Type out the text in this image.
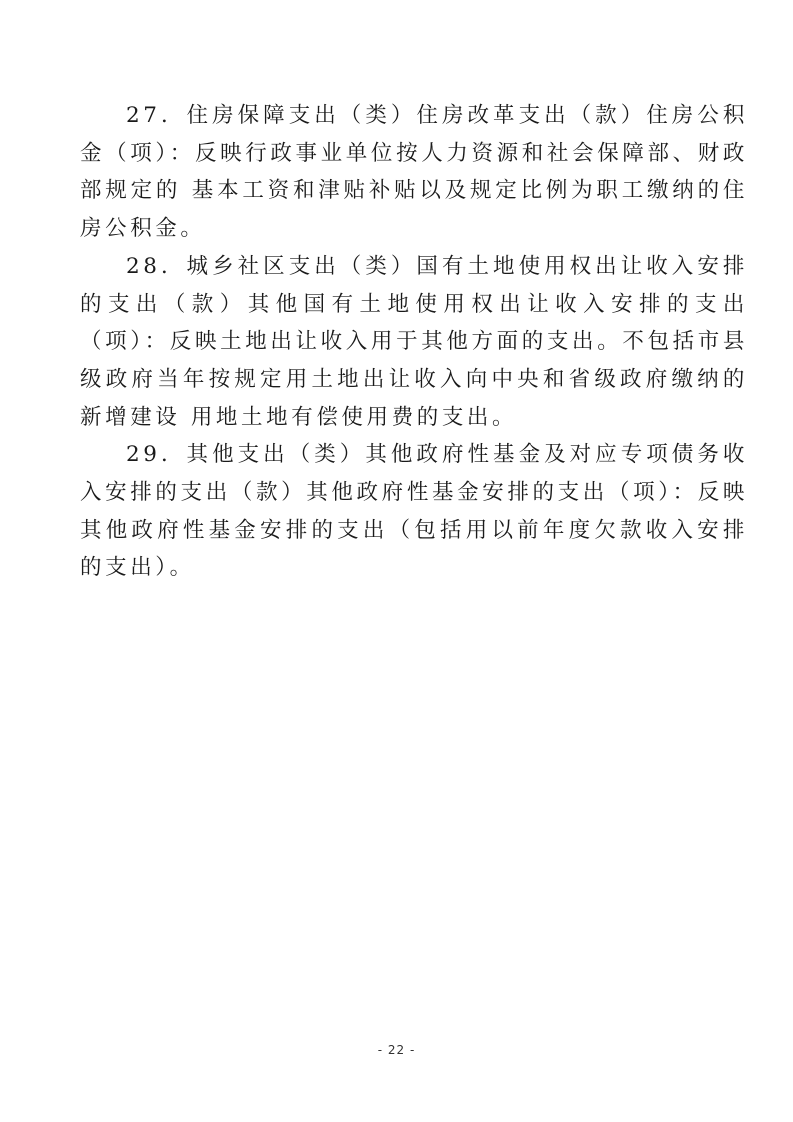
27．住房保障支出（类）住房改革支出（款）住房公积金（项）：反映行政事业单位按人力资源和社会保障部、财政部规定的 基本工资和津贴补贴以及规定比例为职工缴纳的住房公积金。

28．城乡社区支出（类）国有土地使用权出让收入安排的支出（款）其他国有土地使用权出让收入安排的支出（项）：反映土地出让收入用于其他方面的支出。不包括市县级政府当年按规定用土地出让收入向中央和省级政府缴纳的新增建设 用地土地有偿使用费的支出。

29．其他支出（类）其他政府性基金及对应专项债务收入安排的支出（款）其他政府性基金安排的支出（项）：反映其他政府性基金安排的支出（包括用以前年度欠款收入安排的支出）。

- 22 -
